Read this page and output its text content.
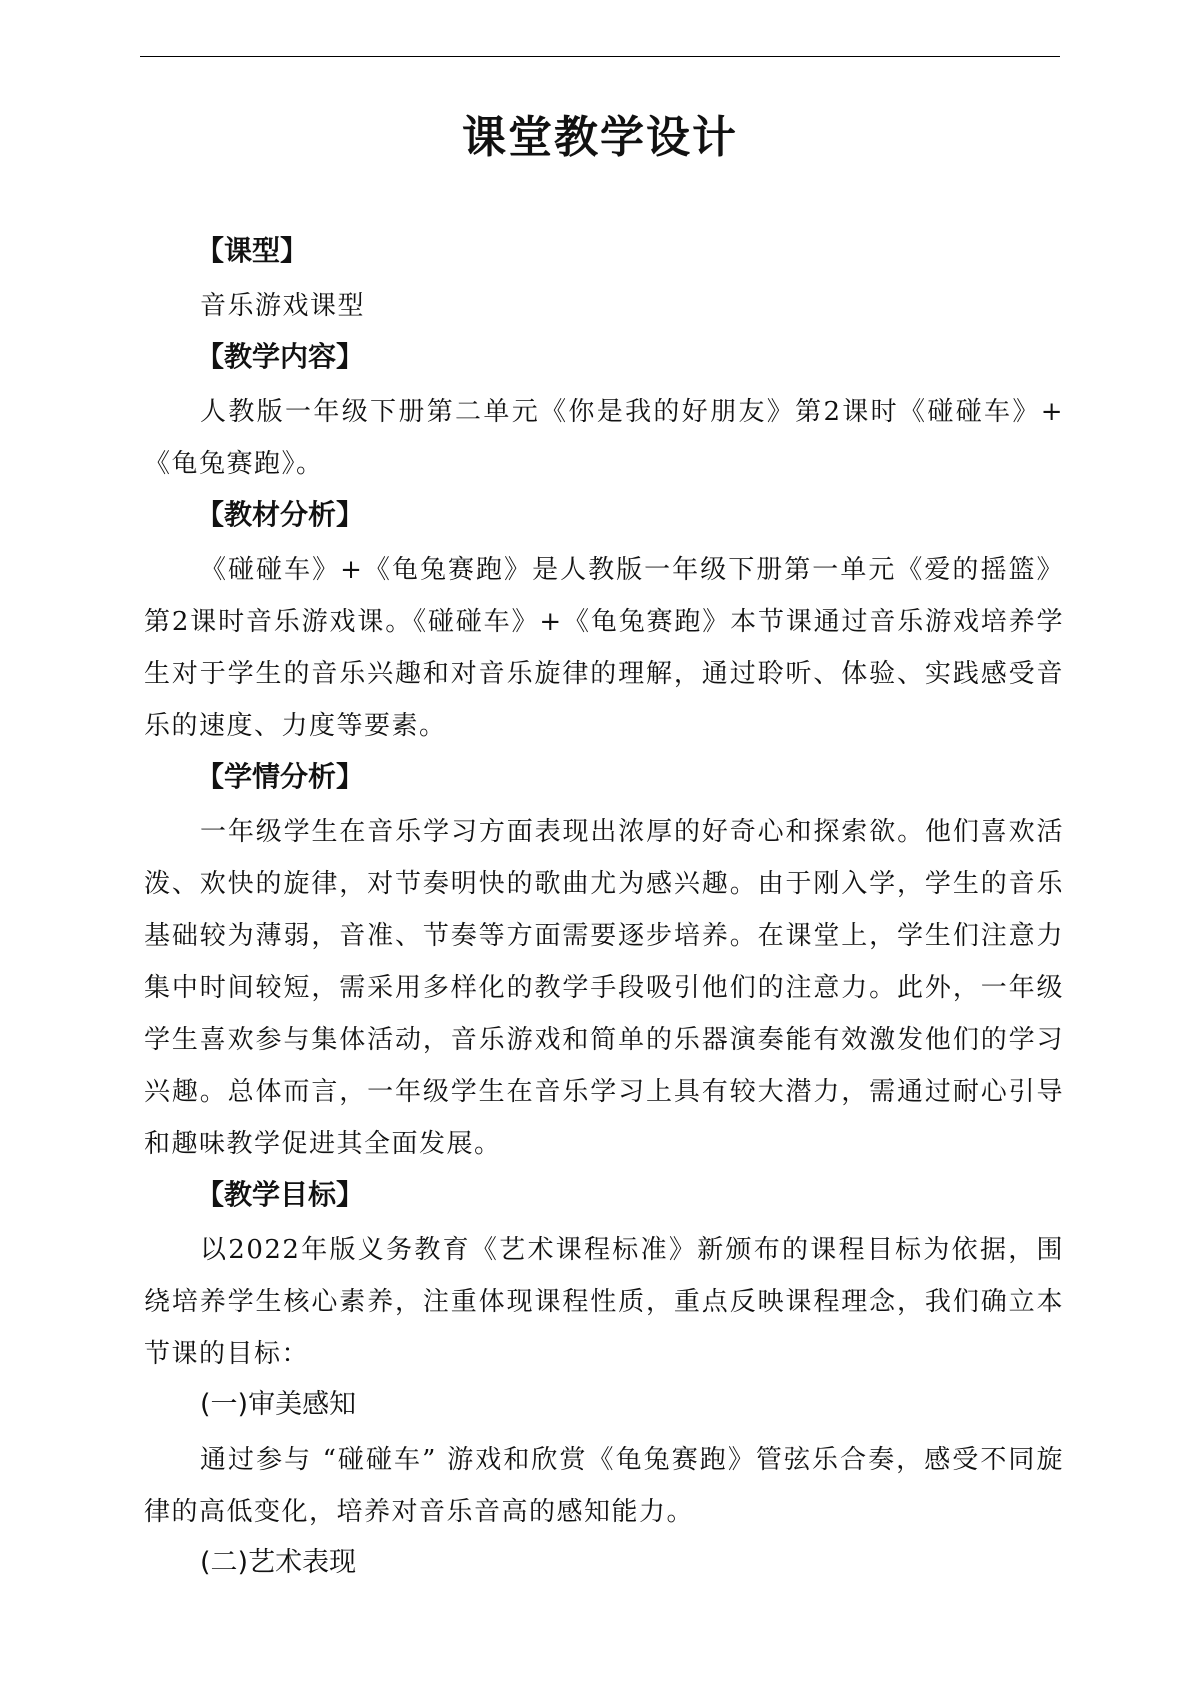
课堂教学设计
【课型】

音乐游戏课型

【教学内容】

人教版一年级下册第二单元《你是我的好朋友》第2课时《碰碰车》+《龟兔赛跑》。

【教材分析】

《碰碰车》+《龟兔赛跑》是人教版一年级下册第一单元《爱的摇篮》第2课时音乐游戏课。《碰碰车》+《龟兔赛跑》本节课通过音乐游戏培养学生对于学生的音乐兴趣和对音乐旋律的理解，通过聆听、体验、实践感受音乐的速度、力度等要素。

【学情分析】

一年级学生在音乐学习方面表现出浓厚的好奇心和探索欲。他们喜欢活泼、欢快的旋律，对节奏明快的歌曲尤为感兴趣。由于刚入学，学生的音乐基础较为薄弱，音准、节奏等方面需要逐步培养。在课堂上，学生们注意力集中时间较短，需采用多样化的教学手段吸引他们的注意力。此外，一年级学生喜欢参与集体活动，音乐游戏和简单的乐器演奏能有效激发他们的学习兴趣。总体而言，一年级学生在音乐学习上具有较大潜力，需通过耐心引导和趣味教学促进其全面发展。

【教学目标】

以2022年版义务教育《艺术课程标准》新颁布的课程目标为依据，围绕培养学生核心素养，注重体现课程性质，重点反映课程理念，我们确立本节课的目标：

(一)审美感知

通过参与 “碰碰车” 游戏和欣赏《龟兔赛跑》管弦乐合奏，感受不同旋律的高低变化，培养对音乐音高的感知能力。

(二)艺术表现
